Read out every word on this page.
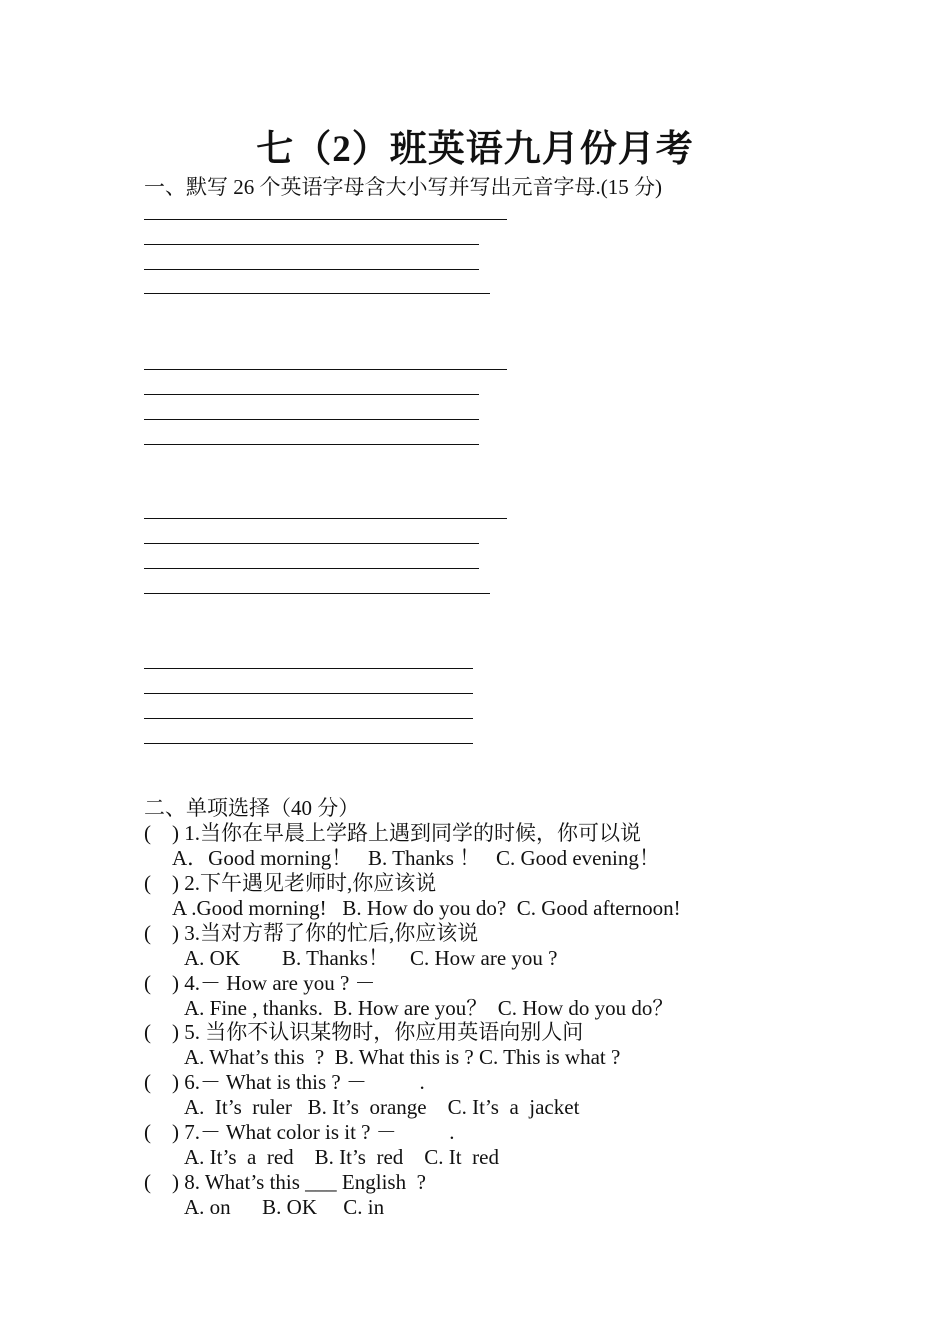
七（2）班英语九月份月考
一、默写 26 个英语字母含大小写并写出元音字母.(15 分)
二、单项选择（40 分）
(    ) 1.当你在早晨上学路上遇到同学的时候，你可以说
A．Good morning！   B. Thanks ！   C. Good evening！
(    ) 2.下午遇见老师时,你应该说
A .Good morning!   B. How do you do?  C. Good afternoon!
(    ) 3.当对方帮了你的忙后,你应该说
A. OK        B. Thanks！    C. How are you ?
(    ) 4.－ How are you ? －
A. Fine , thanks.  B. How are you？  C. How do you do？
(    ) 5. 当你不认识某物时，你应用英语向别人问
A. What’s this  ?  B. What this is ? C. This is what ?
(    ) 6.－ What is this ? －          .
A.  It’s  ruler   B. It’s  orange    C. It’s  a  jacket
(    ) 7.－ What color is it ? －          .
A. It’s  a  red    B. It’s  red    C. It  red
(    ) 8. What’s this ___ English  ?
A. on      B. OK     C. in
